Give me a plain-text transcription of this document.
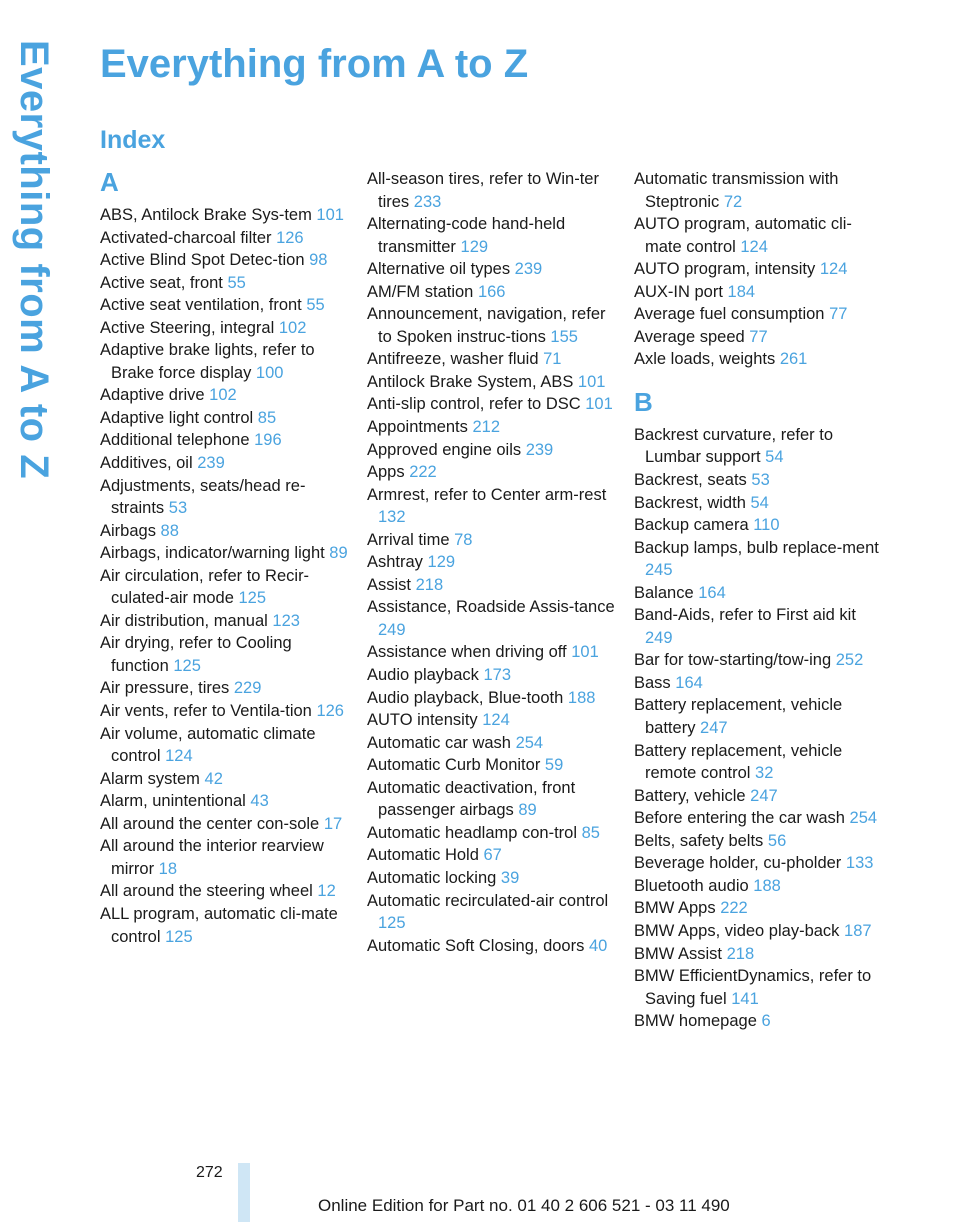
Everything from A to Z Everything from A to Z
Index
A
ABS, Antilock Brake Sys-tem 101
Activated-charcoal filter 126
Active Blind Spot Detec-tion 98
Active seat, front 55
Active seat ventilation, front 55
Active Steering, integral 102
Adaptive brake lights, refer to Brake force display 100
Adaptive drive 102
Adaptive light control 85
Additional telephone 196
Additives, oil 239
Adjustments, seats/head re-straints 53
Airbags 88
Airbags, indicator/warning light 89
Air circulation, refer to Recir-culated-air mode 125
Air distribution, manual 123
Air drying, refer to Cooling function 125
Air pressure, tires 229
Air vents, refer to Ventila-tion 126
Air volume, automatic climate control 124
Alarm system 42
Alarm, unintentional 43
All around the center con-sole 17
All around the interior rearview mirror 18
All around the steering wheel 12
ALL program, automatic cli-mate control 125
All-season tires, refer to Win-ter tires 233
Alternating-code hand-held transmitter 129
Alternative oil types 239
AM/FM station 166
Announcement, navigation, refer to Spoken instruc-tions 155
Antifreeze, washer fluid 71
Antilock Brake System, ABS 101
Anti-slip control, refer to DSC 101
Appointments 212
Approved engine oils 239
Apps 222
Armrest, refer to Center arm-rest 132
Arrival time 78
Ashtray 129
Assist 218
Assistance, Roadside Assis-tance 249
Assistance when driving off 101
Audio playback 173
Audio playback, Blue-tooth 188
AUTO intensity 124
Automatic car wash 254
Automatic Curb Monitor 59
Automatic deactivation, front passenger airbags 89
Automatic headlamp con-trol 85
Automatic Hold 67
Automatic locking 39
Automatic recirculated-air control 125
Automatic Soft Closing, doors 40
Automatic transmission with Steptronic 72
AUTO program, automatic cli-mate control 124
AUTO program, intensity 124
AUX-IN port 184
Average fuel consumption 77
Average speed 77
Axle loads, weights 261
B
Backrest curvature, refer to Lumbar support 54
Backrest, seats 53
Backrest, width 54
Backup camera 110
Backup lamps, bulb replace-ment 245
Balance 164
Band-Aids, refer to First aid kit 249
Bar for tow-starting/tow-ing 252
Bass 164
Battery replacement, vehicle battery 247
Battery replacement, vehicle remote control 32
Battery, vehicle 247
Before entering the car wash 254
Belts, safety belts 56
Beverage holder, cu-pholder 133
Bluetooth audio 188
BMW Apps 222
BMW Apps, video play-back 187
BMW Assist 218
BMW EfficientDynamics, refer to Saving fuel 141
BMW homepage 6
272
Online Edition for Part no. 01 40 2 606 521 - 03 11 490
